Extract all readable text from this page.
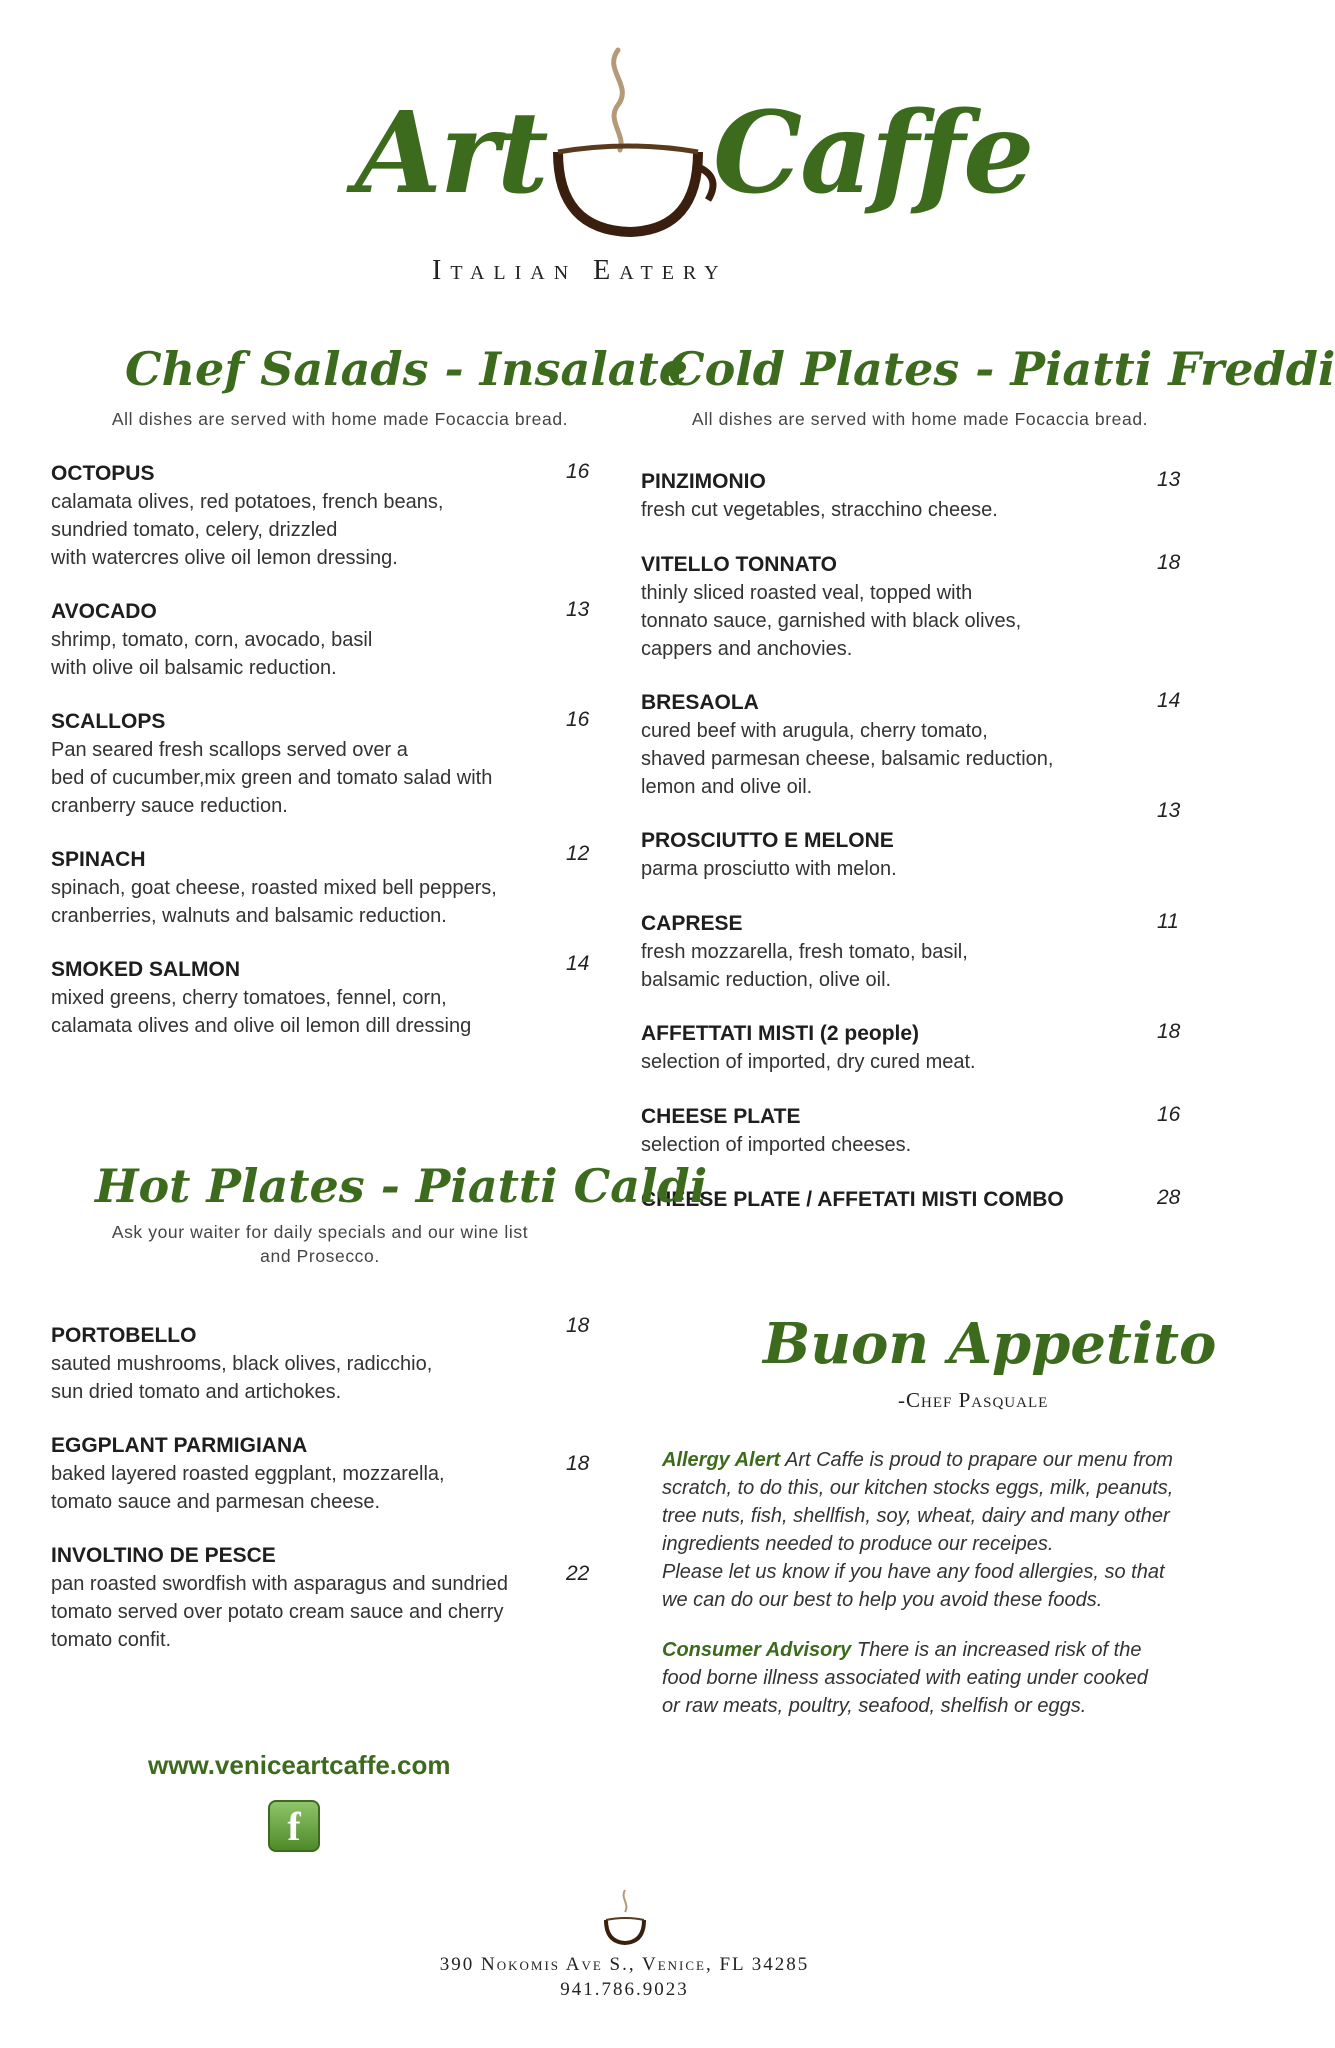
Art Caffe
Italian Eatery
Chef Salads - Insalate
All dishes are served with home made Focaccia bread.
OCTOPUS
calamata olives, red potatoes, french beans,
sundried tomato, celery, drizzled
with watercres olive oil lemon dressing.
16
AVOCADO
shrimp, tomato, corn, avocado, basil
with olive oil balsamic reduction.
13
SCALLOPS
Pan seared fresh scallops served over a
bed of cucumber,mix green and tomato salad with
cranberry sauce reduction.
16
SPINACH
spinach, goat cheese, roasted mixed bell peppers,
cranberries, walnuts and balsamic reduction.
12
SMOKED SALMON
mixed greens, cherry tomatoes, fennel, corn,
calamata olives and olive oil lemon dill dressing
14
Cold Plates - Piatti Freddi
All dishes are served with home made Focaccia bread.
PINZIMONIO
fresh cut vegetables, stracchino cheese.
13
VITELLO TONNATO
thinly sliced roasted veal, topped with
tonnato sauce, garnished with black olives,
cappers and anchovies.
18
BRESAOLA
cured beef with arugula, cherry tomato,
shaved parmesan cheese, balsamic reduction,
lemon and olive oil.
14
PROSCIUTTO E MELONE
parma prosciutto with melon.
13
CAPRESE
fresh mozzarella, fresh tomato, basil,
balsamic reduction, olive oil.
11
AFFETTATI MISTI (2 people)
selection of imported, dry cured meat.
18
CHEESE PLATE
selection of imported cheeses.
16
CHEESE PLATE / AFFETATI MISTI COMBO	28
Hot Plates - Piatti Caldi
Ask your waiter for daily specials and our wine list
and Prosecco.
PORTOBELLO
sauted mushrooms, black olives, radicchio,
sun dried tomato and artichokes.
18
EGGPLANT PARMIGIANA
baked layered roasted eggplant, mozzarella,
tomato sauce and parmesan cheese.
18
INVOLTINO DE PESCE
pan roasted swordfish with asparagus and sundried
tomato served over potato cream sauce and cherry
tomato confit.
22
Buon Appetito
-Chef Pasquale
Allergy Alert Art Caffe is proud to prapare our menu from
scratch, to do this, our kitchen stocks eggs, milk, peanuts,
tree nuts, fish, shellfish, soy, wheat, dairy and many other
ingredients needed to produce our receipes.
Please let us know if you have any food allergies, so that
we can do our best to help you avoid these foods.
Consumer Advisory There is an increased risk of the
food borne illness associated with eating under cooked
or raw meats, poultry, seafood, shelfish or eggs.
www.veniceartcaffe.com
f
390 Nokomis Ave S., Venice, FL 34285
941.786.9023
